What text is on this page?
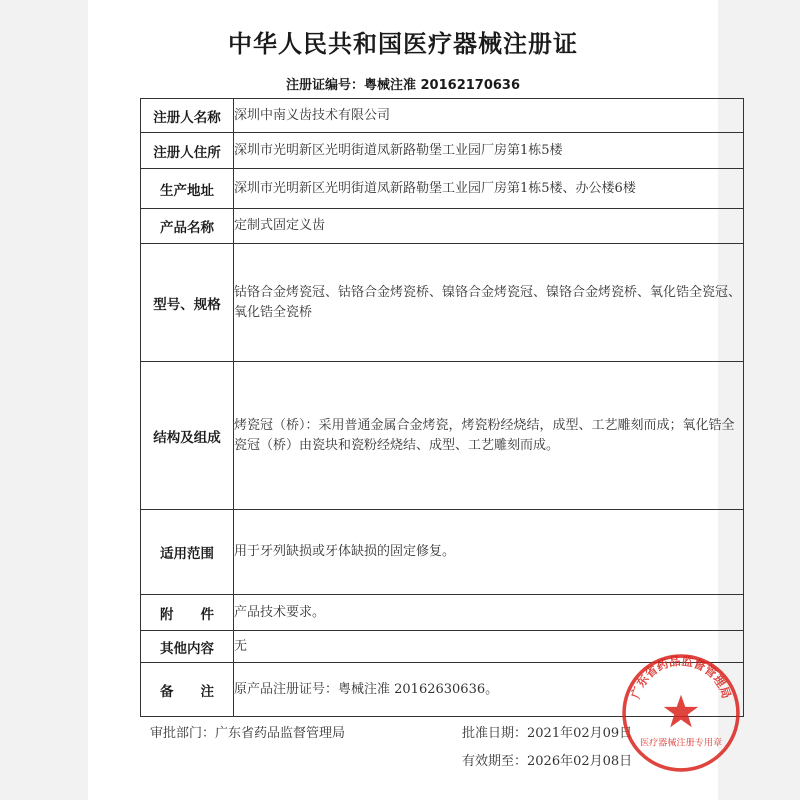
中华人民共和国医疗器械注册证
注册证编号：粤械注准 20162170636
注册人名称	深圳中南义齿技术有限公司
注册人住所	深圳市光明新区光明街道凤新路勒堡工业园厂房第1栋5楼
生产地址	深圳市光明新区光明街道凤新路勒堡工业园厂房第1栋5楼、办公楼6楼
产品名称	定制式固定义齿
型号、规格	钴铬合金烤瓷冠、钴铬合金烤瓷桥、镍铬合金烤瓷冠、镍铬合金烤瓷桥、氧化锆全瓷冠、氧化锆全瓷桥
结构及组成	烤瓷冠（桥）：采用普通金属合金烤瓷，烤瓷粉经烧结，成型、工艺雕刻而成；氧化锆全瓷冠（桥）由瓷块和瓷粉经烧结、成型、工艺雕刻而成。
适用范围	用于牙列缺损或牙体缺损的固定修复。
附　　件	产品技术要求。
其他内容	无
备　　注	原产品注册证号：粤械注准 20162630636。
审批部门：广东省药品监督管理局	批准日期：2021年02月09日
有效期至：2026年02月08日
广东省药品监督管理局
医疗器械注册专用章
